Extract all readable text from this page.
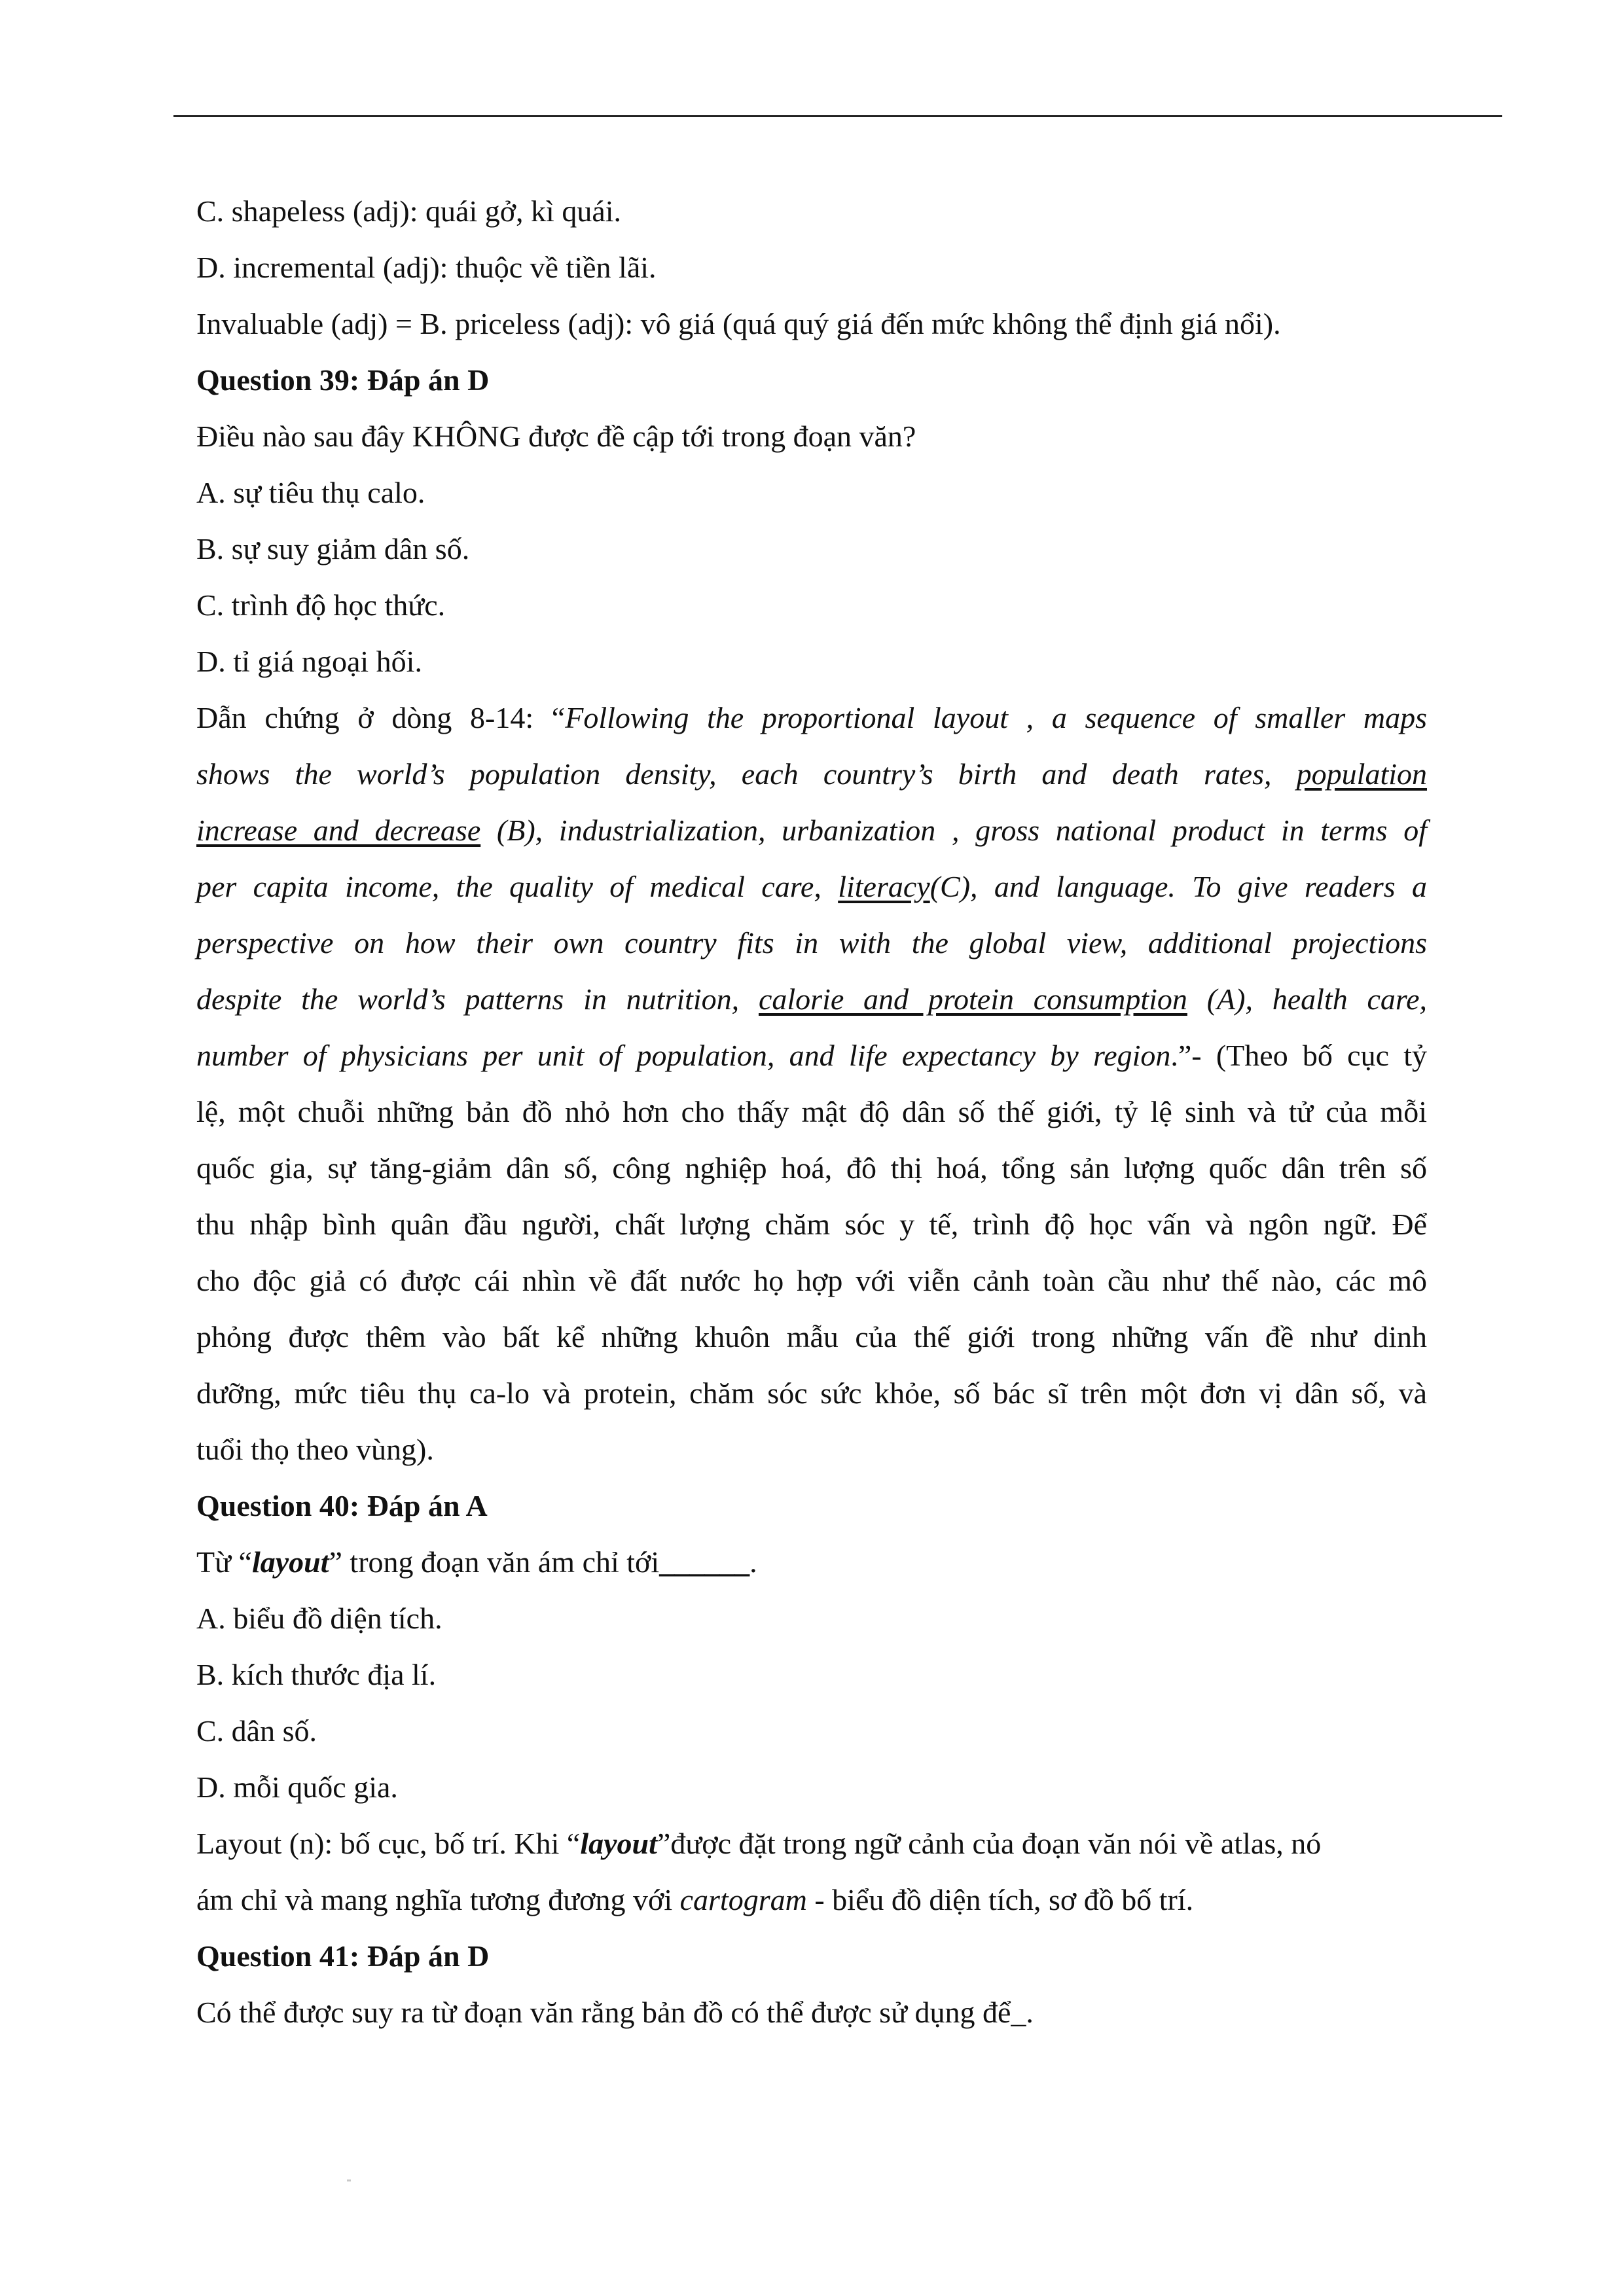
C. shapeless (adj): quái gở, kì quái.

D. incremental (adj): thuộc về tiền lãi.

Invaluable (adj) = B. priceless (adj): vô giá (quá quý giá đến mức không thể định giá nổi).

Question 39: Đáp án D

Điều nào sau đây KHÔNG được đề cập tới trong đoạn văn?

A. sự tiêu thụ calo.

B. sự suy giảm dân số.

C. trình độ học thức.

D. tỉ giá ngoại hối.

Dẫn chứng ở dòng 8-14: “Following the proportional layout , a sequence of smaller maps

shows the world’s population density, each country’s birth and death rates, population

increase and decrease (B), industrialization, urbanization , gross national product in terms of

per capita income, the quality of medical care, literacy(C), and language. To give readers a

perspective on how their own country fits in with the global view, additional projections

despite the world’s patterns in nutrition, calorie and protein consumption (A), health care,

number of physicians per unit of population, and life expectancy by region.”- (Theo bố cục tỷ

lệ, một chuỗi những bản đồ nhỏ hơn cho thấy mật độ dân số thế giới, tỷ lệ sinh và tử của mỗi

quốc gia, sự tăng-giảm dân số, công nghiệp hoá, đô thị hoá, tổng sản lượng quốc dân trên số

thu nhập bình quân đầu người, chất lượng chăm sóc y tế, trình độ học vấn và ngôn ngữ. Để

cho độc giả có được cái nhìn về đất nước họ hợp với viễn cảnh toàn cầu như thế nào, các mô

phỏng được thêm vào bất kể những khuôn mẫu của thế giới trong những vấn đề như dinh

dưỡng, mức tiêu thụ ca-lo và protein, chăm sóc sức khỏe, số bác sĩ trên một đơn vị dân số, và

tuổi thọ theo vùng).

Question 40: Đáp án A

Từ “layout” trong đoạn văn ám chỉ tới______.

A. biểu đồ diện tích.

B. kích thước địa lí.

C. dân số.

D. mỗi quốc gia.

Layout (n): bố cục, bố trí. Khi “layout”được đặt trong ngữ cảnh của đoạn văn nói về atlas, nó

ám chỉ và mang nghĩa tương đương với cartogram - biểu đồ diện tích, sơ đồ bố trí.

Question 41: Đáp án D

Có thể được suy ra từ đoạn văn rằng bản đồ có thể được sử dụng để_.
